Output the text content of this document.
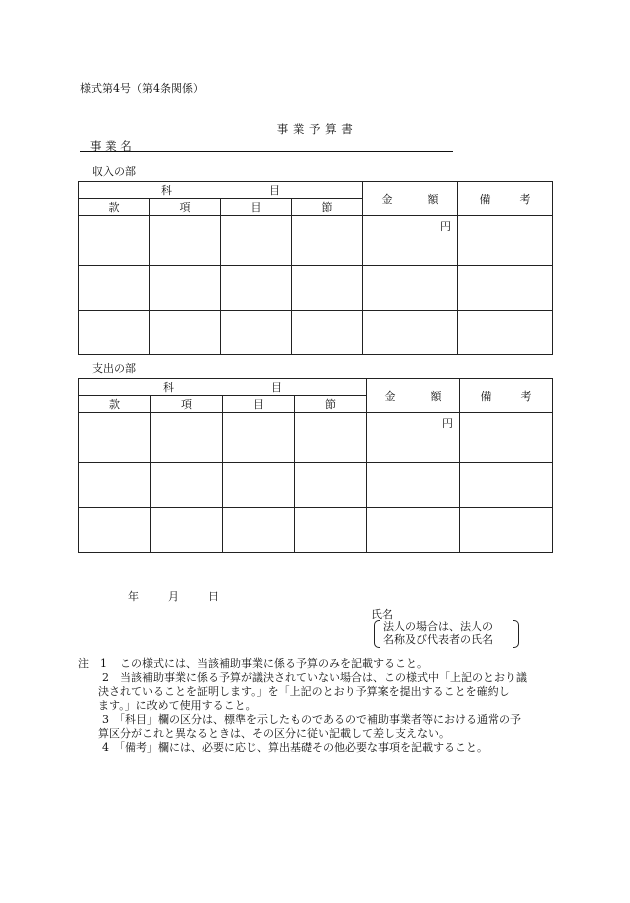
様式第4号（第4条関係）
事 業 予 算 書
事 業 名
収入の部
科 目				金 額	備 考
款	項	目	節		
				円	

支出の部
科 目				金 額	備 考
款	項	目	節		
				円	

年	月	日
氏名
法人の場合は、法人の
名称及び代表者の氏名
注 1	この様式には、当該補助事業に係る予算のみを記載すること。
2	当該補助事業に係る予算が議決されていない場合は、この様式中「上記のとおり議
決されていることを証明します。」を「上記のとおり予算案を提出することを確約し
ます。」に改めて使用すること。
3 「科目」欄の区分は、標準を示したものであるので補助事業者等における通常の予
算区分がこれと異なるときは、その区分に従い記載して差し支えない。
4 「備考」欄には、必要に応じ、算出基礎その他必要な事項を記載すること。
